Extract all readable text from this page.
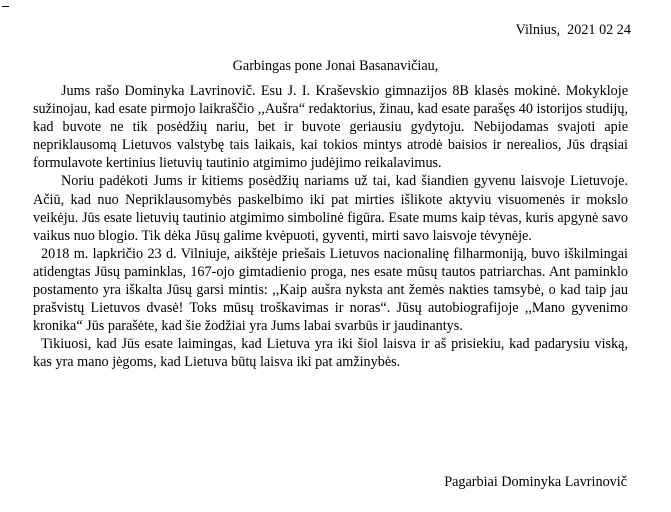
Vilnius,  2021 02 24
Garbingas pone Jonai Basanavičiau,

Jums rašo Dominyka Lavrinovič. Esu J. I. Kraševskio gimnazijos 8B klasės mokinė. Mokykloje sužinojau, kad esate pirmojo laikraščio ,,Aušra“ redaktorius, žinau, kad esate parašęs 40 istorijos studijų, kad buvote ne tik posėdžių nariu, bet ir buvote geriausiu gydytoju. Nebijodamas svajoti apie nepriklausomą Lietuvos valstybę tais laikais, kai tokios mintys atrodė baisios ir nerealios, Jūs drąsiai formulavote kertinius lietuvių tautinio atgimimo judėjimo reikalavimus.

Noriu padėkoti Jums ir kitiems posėdžių nariams už tai, kad šiandien gyvenu laisvoje Lietuvoje. Ačiū, kad nuo Nepriklausomybės paskelbimo iki pat mirties išlikote aktyviu visuomenės ir mokslo veikėju. Jūs esate lietuvių tautinio atgimimo simbolinė figūra. Esate mums kaip tėvas, kuris apgynė savo vaikus nuo blogio. Tik dėka Jūsų galime kvėpuoti, gyventi, mirti savo laisvoje tėvynėje.

2018 m. lapkričio 23 d. Vilniuje, aikštėje priešais Lietuvos nacionalinę filharmoniją, buvo iškilmingai atidengtas Jūsų paminklas, 167-ojo gimtadienio proga, nes esate mūsų tautos patriarchas. Ant paminklo postamento yra iškalta Jūsų garsi mintis: ,,Kaip aušra nyksta ant žemės nakties tamsybė, o kad taip jau prašvistų Lietuvos dvasė! Toks mūsų troškavimas ir noras“. Jūsų autobiografijoje ,,Mano gyvenimo kronika“ Jūs parašėte, kad šie žodžiai yra Jums labai svarbūs ir jaudinantys.

Tikiuosi, kad Jūs esate laimingas, kad Lietuva yra iki šiol laisva ir aš prisiekiu, kad padarysiu viską, kas yra mano jėgoms, kad Lietuva būtų laisva iki pat amžinybės.

Pagarbiai Dominyka Lavrinovič
